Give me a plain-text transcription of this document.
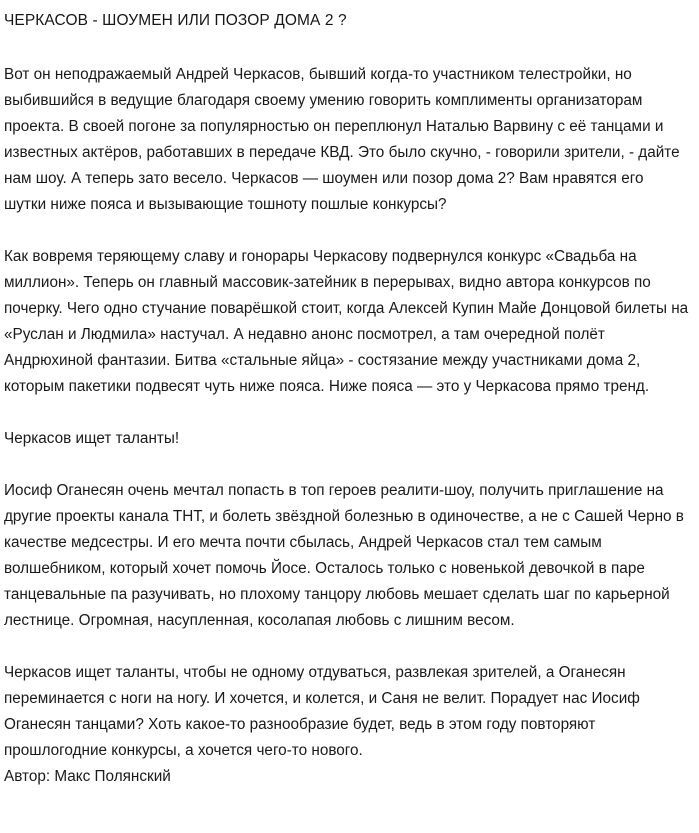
ЧЕРКАСОВ - ШОУМЕН ИЛИ ПОЗОР ДОМА 2 ?

Вот он неподражаемый Андрей Черкасов, бывший когда-то участником телестройки, но выбившийся в ведущие благодаря своему умению говорить комплименты организаторам проекта. В своей погоне за популярностью он переплюнул Наталью Варвину с её танцами и известных актёров, работавших в передаче КВД. Это было скучно, - говорили зрители, - дайте нам шоу. А теперь зато весело. Черкасов — шоумен или позор дома 2? Вам нравятся его шутки ниже пояса и вызывающие тошноту пошлые конкурсы?

Как вовремя теряющему славу и гонорары Черкасову подвернулся конкурс «Свадьба на миллион». Теперь он главный массовик-затейник в перерывах, видно автора конкурсов по почерку. Чего одно стучание поварёшкой стоит, когда Алексей Купин Майе Донцовой билеты на «Руслан и Людмила» настучал. А недавно анонс посмотрел, а там очередной полёт Андрюхиной фантазии. Битва «стальные яйца» - состязание между участниками дома 2, которым пакетики подвесят чуть ниже пояса. Ниже пояса — это у Черкасова прямо тренд.

Черкасов ищет таланты!

Иосиф Оганесян очень мечтал попасть в топ героев реалити-шоу, получить приглашение на другие проекты канала ТНТ, и болеть звёздной болезнью в одиночестве, а не с Сашей Черно в качестве медсестры. И его мечта почти сбылась, Андрей Черкасов стал тем самым волшебником, который хочет помочь Йосе. Осталось только с новенькой девочкой в паре танцевальные па разучивать, но плохому танцору любовь мешает сделать шаг по карьерной лестнице. Огромная, насупленная, косолапая любовь с лишним весом.

Черкасов ищет таланты, чтобы не одному отдуваться, развлекая зрителей, а Оганесян переминается с ноги на ногу. И хочется, и колется, и Саня не велит. Порадует нас Иосиф Оганесян танцами? Хоть какое-то разнообразие будет, ведь в этом году повторяют прошлогодние конкурсы, а хочется чего-то нового.

Автор: Макс Полянский
